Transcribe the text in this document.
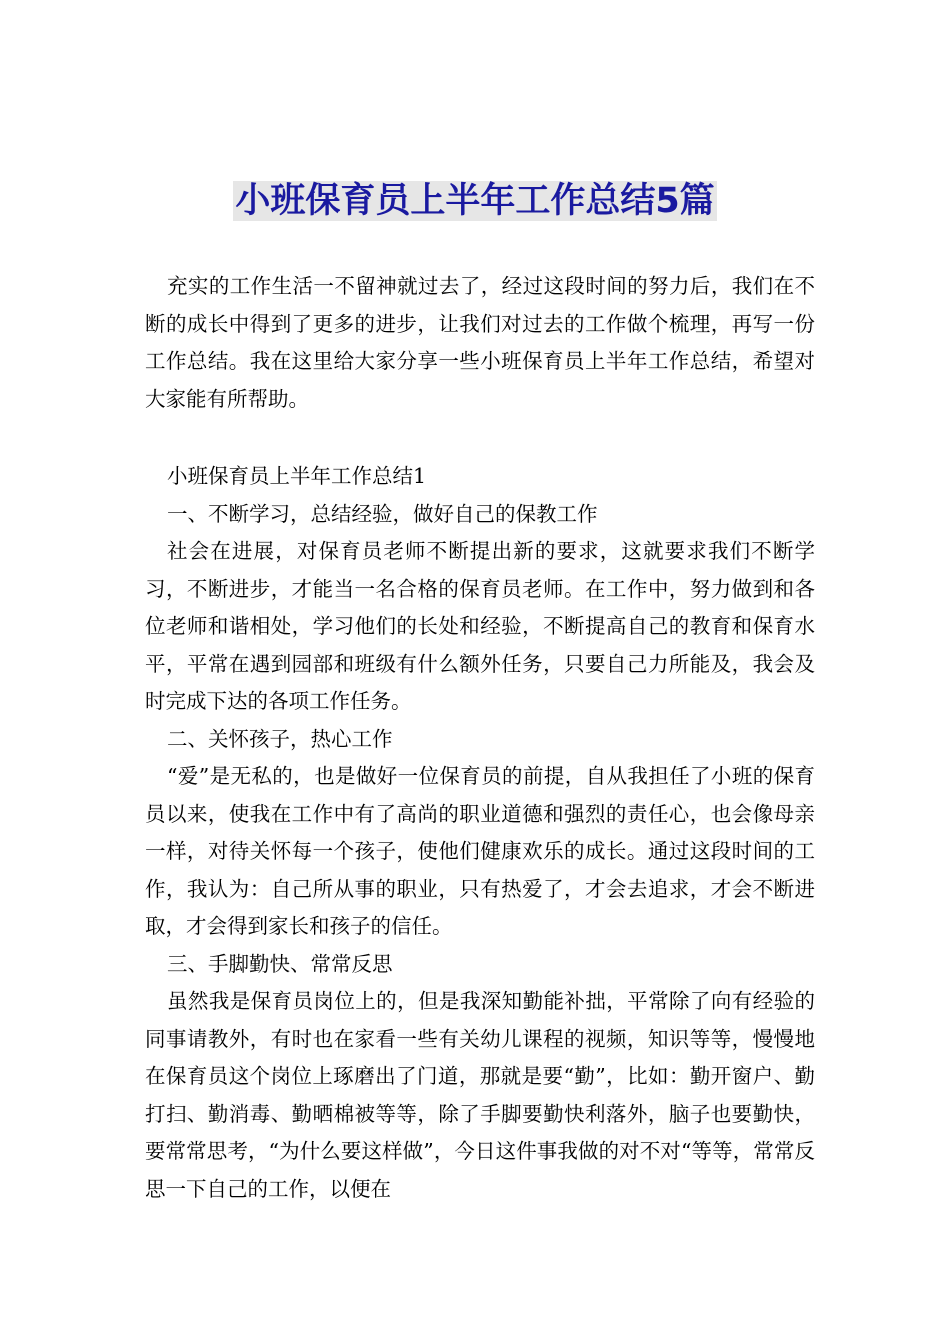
小班保育员上半年工作总结5篇

充实的工作生活一不留神就过去了，经过这段时间的努力后，我们在不断的成长中得到了更多的进步，让我们对过去的工作做个梳理，再写一份工作总结。我在这里给大家分享一些小班保育员上半年工作总结，希望对大家能有所帮助。

小班保育员上半年工作总结1

一、不断学习，总结经验，做好自己的保教工作

社会在进展，对保育员老师不断提出新的要求，这就要求我们不断学习，不断进步，才能当一名合格的保育员老师。在工作中，努力做到和各位老师和谐相处，学习他们的长处和经验，不断提高自己的教育和保育水平，平常在遇到园部和班级有什么额外任务，只要自己力所能及，我会及时完成下达的各项工作任务。

二、关怀孩子，热心工作

“爱”是无私的，也是做好一位保育员的前提，自从我担任了小班的保育员以来，使我在工作中有了高尚的职业道德和强烈的责任心，也会像母亲一样，对待关怀每一个孩子，使他们健康欢乐的成长。通过这段时间的工作，我认为：自己所从事的职业，只有热爱了，才会去追求，才会不断进取，才会得到家长和孩子的信任。

三、手脚勤快、常常反思

虽然我是保育员岗位上的，但是我深知勤能补拙，平常除了向有经验的同事请教外，有时也在家看一些有关幼儿课程的视频，知识等等，慢慢地在保育员这个岗位上琢磨出了门道，那就是要“勤”，比如：勤开窗户、勤打扫、勤消毒、勤晒棉被等等，除了手脚要勤快利落外，脑子也要勤快，要常常思考，“为什么要这样做”，今日这件事我做的对不对“等等，常常反思一下自己的工作，以便在
